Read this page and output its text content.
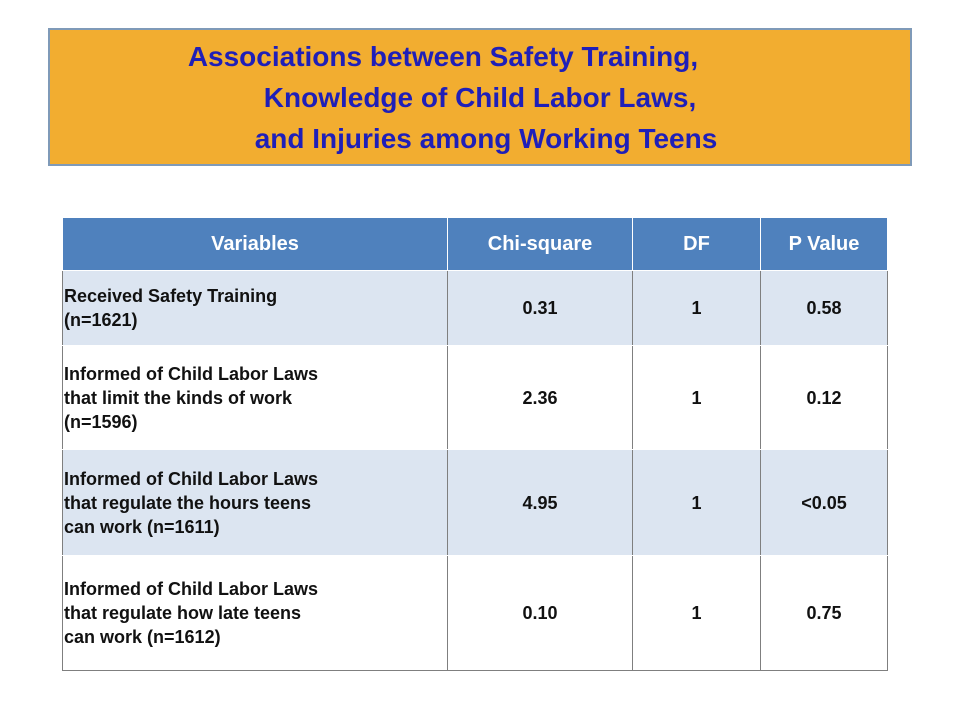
Associations between Safety Training,
Knowledge of Child Labor Laws,
and Injuries among Working Teens
Variables	Chi-square	DF	P Value
Received Safety Training
(n=1621)	0.31	1	0.58
Informed of Child Labor Laws
that limit the kinds of work
(n=1596)	2.36	1	0.12
Informed of Child Labor Laws
that regulate the hours teens
can work (n=1611)	4.95	1	<0.05
Informed of Child Labor Laws
that regulate how late teens
can work (n=1612)	0.10	1	0.75
